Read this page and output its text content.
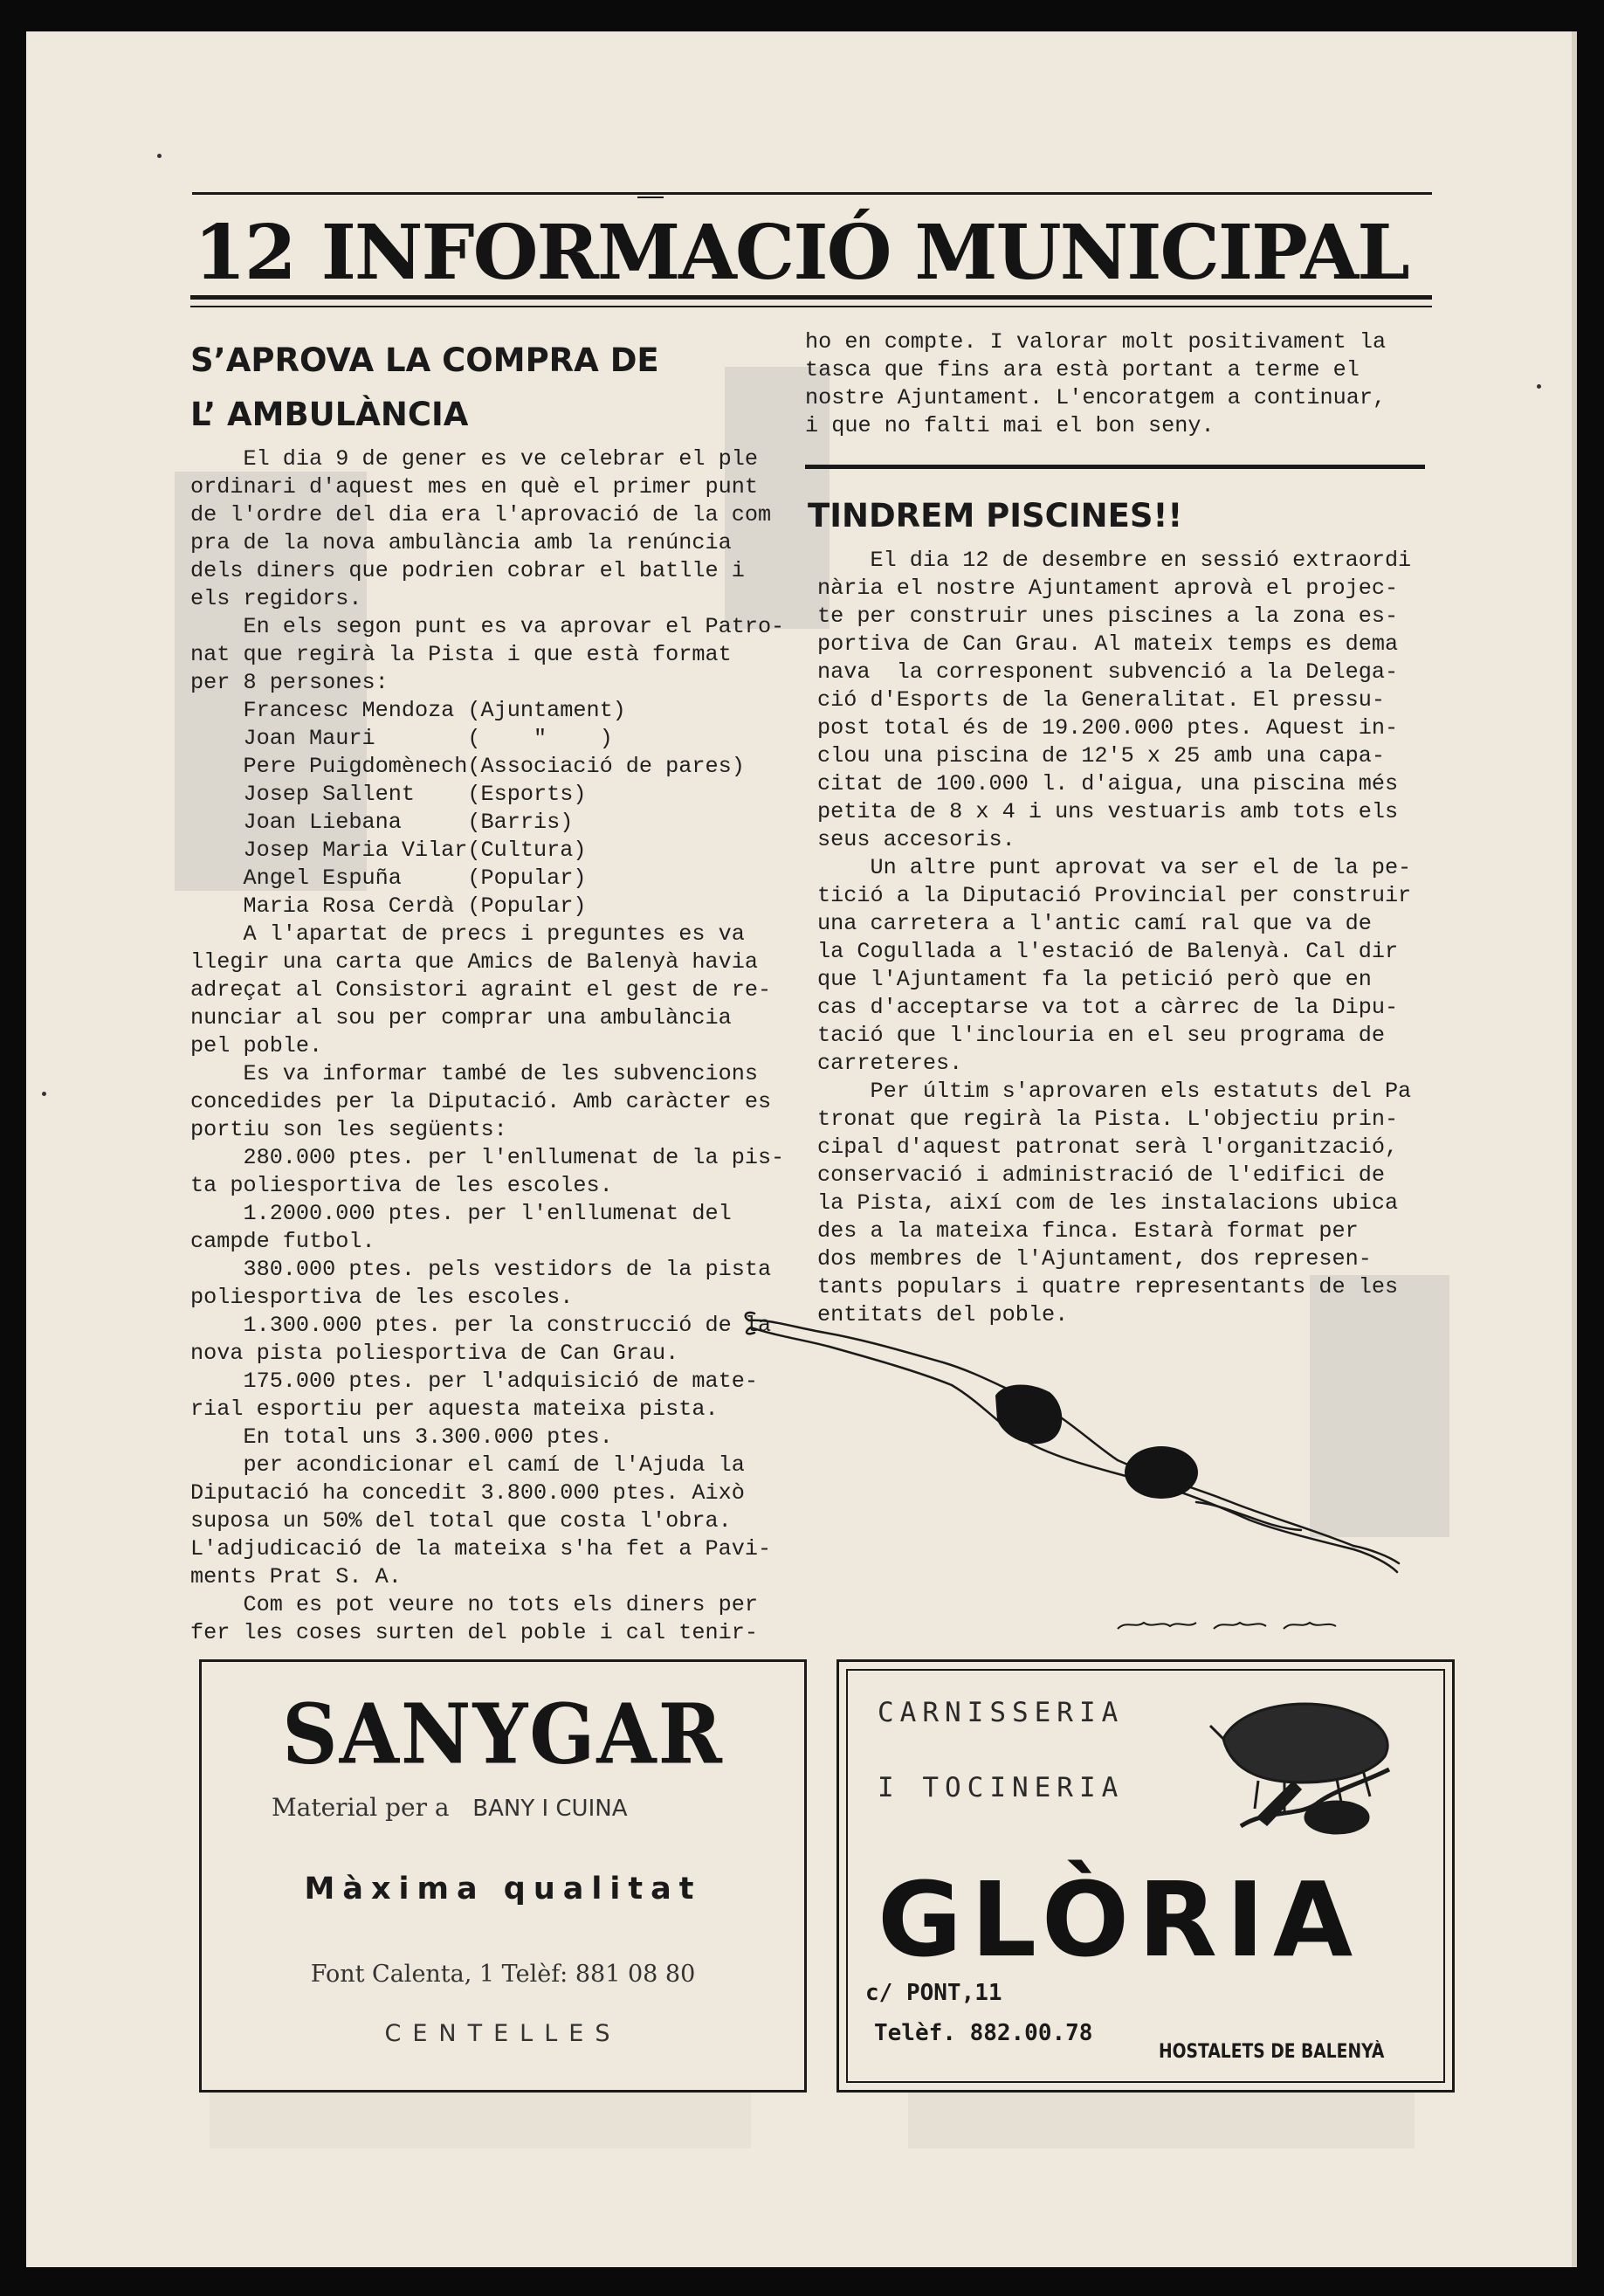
12 INFORMACIÓ MUNICIPAL
S’APROVA LA COMPRA DE
L’ AMBULÀNCIA

El dia 9 de gener es ve celebrar el ple

ordinari d'aquest mes en què el primer punt

de l'ordre del dia era l'aprovació de la com

pra de la nova ambulància amb la renúncia

dels diners que podrien cobrar el batlle i

els regidors.

En els segon punt es va aprovar el Patro-

nat que regirà la Pista i que està format

per 8 persones:

Francesc Mendoza (Ajuntament)

Joan Mauri       (    "    )

Pere Puigdomènech(Associació de pares)

Josep Sallent    (Esports)

Joan Liebana     (Barris)

Josep Maria Vilar(Cultura)

Angel Espuña     (Popular)

Maria Rosa Cerdà (Popular)

A l'apartat de precs i preguntes es va

llegir una carta que Amics de Balenyà havia

adreçat al Consistori agraint el gest de re-

nunciar al sou per comprar una ambulància

pel poble.

Es va informar també de les subvencions

concedides per la Diputació. Amb caràcter es

portiu son les següents:

280.000 ptes. per l'enllumenat de la pis-

ta poliesportiva de les escoles.

1.2000.000 ptes. per l'enllumenat del

campde futbol.

380.000 ptes. pels vestidors de la pista

poliesportiva de les escoles.

1.300.000 ptes. per la construcció de la

nova pista poliesportiva de Can Grau.

175.000 ptes. per l'adquisició de mate-

rial esportiu per aquesta mateixa pista.

En total uns 3.300.000 ptes.

per acondicionar el camí de l'Ajuda la

Diputació ha concedit 3.800.000 ptes. Això

suposa un 50% del total que costa l'obra.

L'adjudicació de la mateixa s'ha fet a Pavi-

ments Prat S. A.

Com es pot veure no tots els diners per

fer les coses surten del poble i cal tenir-

ho en compte. I valorar molt positivament la

tasca que fins ara està portant a terme el

nostre Ajuntament. L'encoratgem a continuar,

i que no falti mai el bon seny.

TINDREM PISCINES!!

El dia 12 de desembre en sessió extraordi

nària el nostre Ajuntament aprovà el projec-

te per construir unes piscines a la zona es-

portiva de Can Grau. Al mateix temps es dema

nava  la corresponent subvenció a la Delega-

ció d'Esports de la Generalitat. El pressu-

post total és de 19.200.000 ptes. Aquest in-

clou una piscina de 12'5 x 25 amb una capa-

citat de 100.000 l. d'aigua, una piscina més

petita de 8 x 4 i uns vestuaris amb tots els

seus accesoris.

Un altre punt aprovat va ser el de la pe-

tició a la Diputació Provincial per construir

una carretera a l'antic camí ral que va de

la Cogullada a l'estació de Balenyà. Cal dir

que l'Ajuntament fa la petició però que en

cas d'acceptarse va tot a càrrec de la Dipu-

tació que l'inclouria en el seu programa de

carreteres.

Per últim s'aprovaren els estatuts del Pa

tronat que regirà la Pista. L'objectiu prin-

cipal d'aquest patronat serà l'organització,

conservació i administració de l'edifici de

la Pista, així com de les instalacions ubica

des a la mateixa finca. Estarà format per

dos membres de l'Ajuntament, dos represen-

tants populars i quatre representants de les

entitats del poble.

SANYGAR
Material per a BANY I CUINA
Màxima qualitat
Font Calenta, 1 Telèf: 881 08 80
CENTELLES
CARNISSERIA
I TOCINERIA
GLÒRIA
c/ PONT,11
Telèf. 882.00.78
HOSTALETS DE BALENYÀ
